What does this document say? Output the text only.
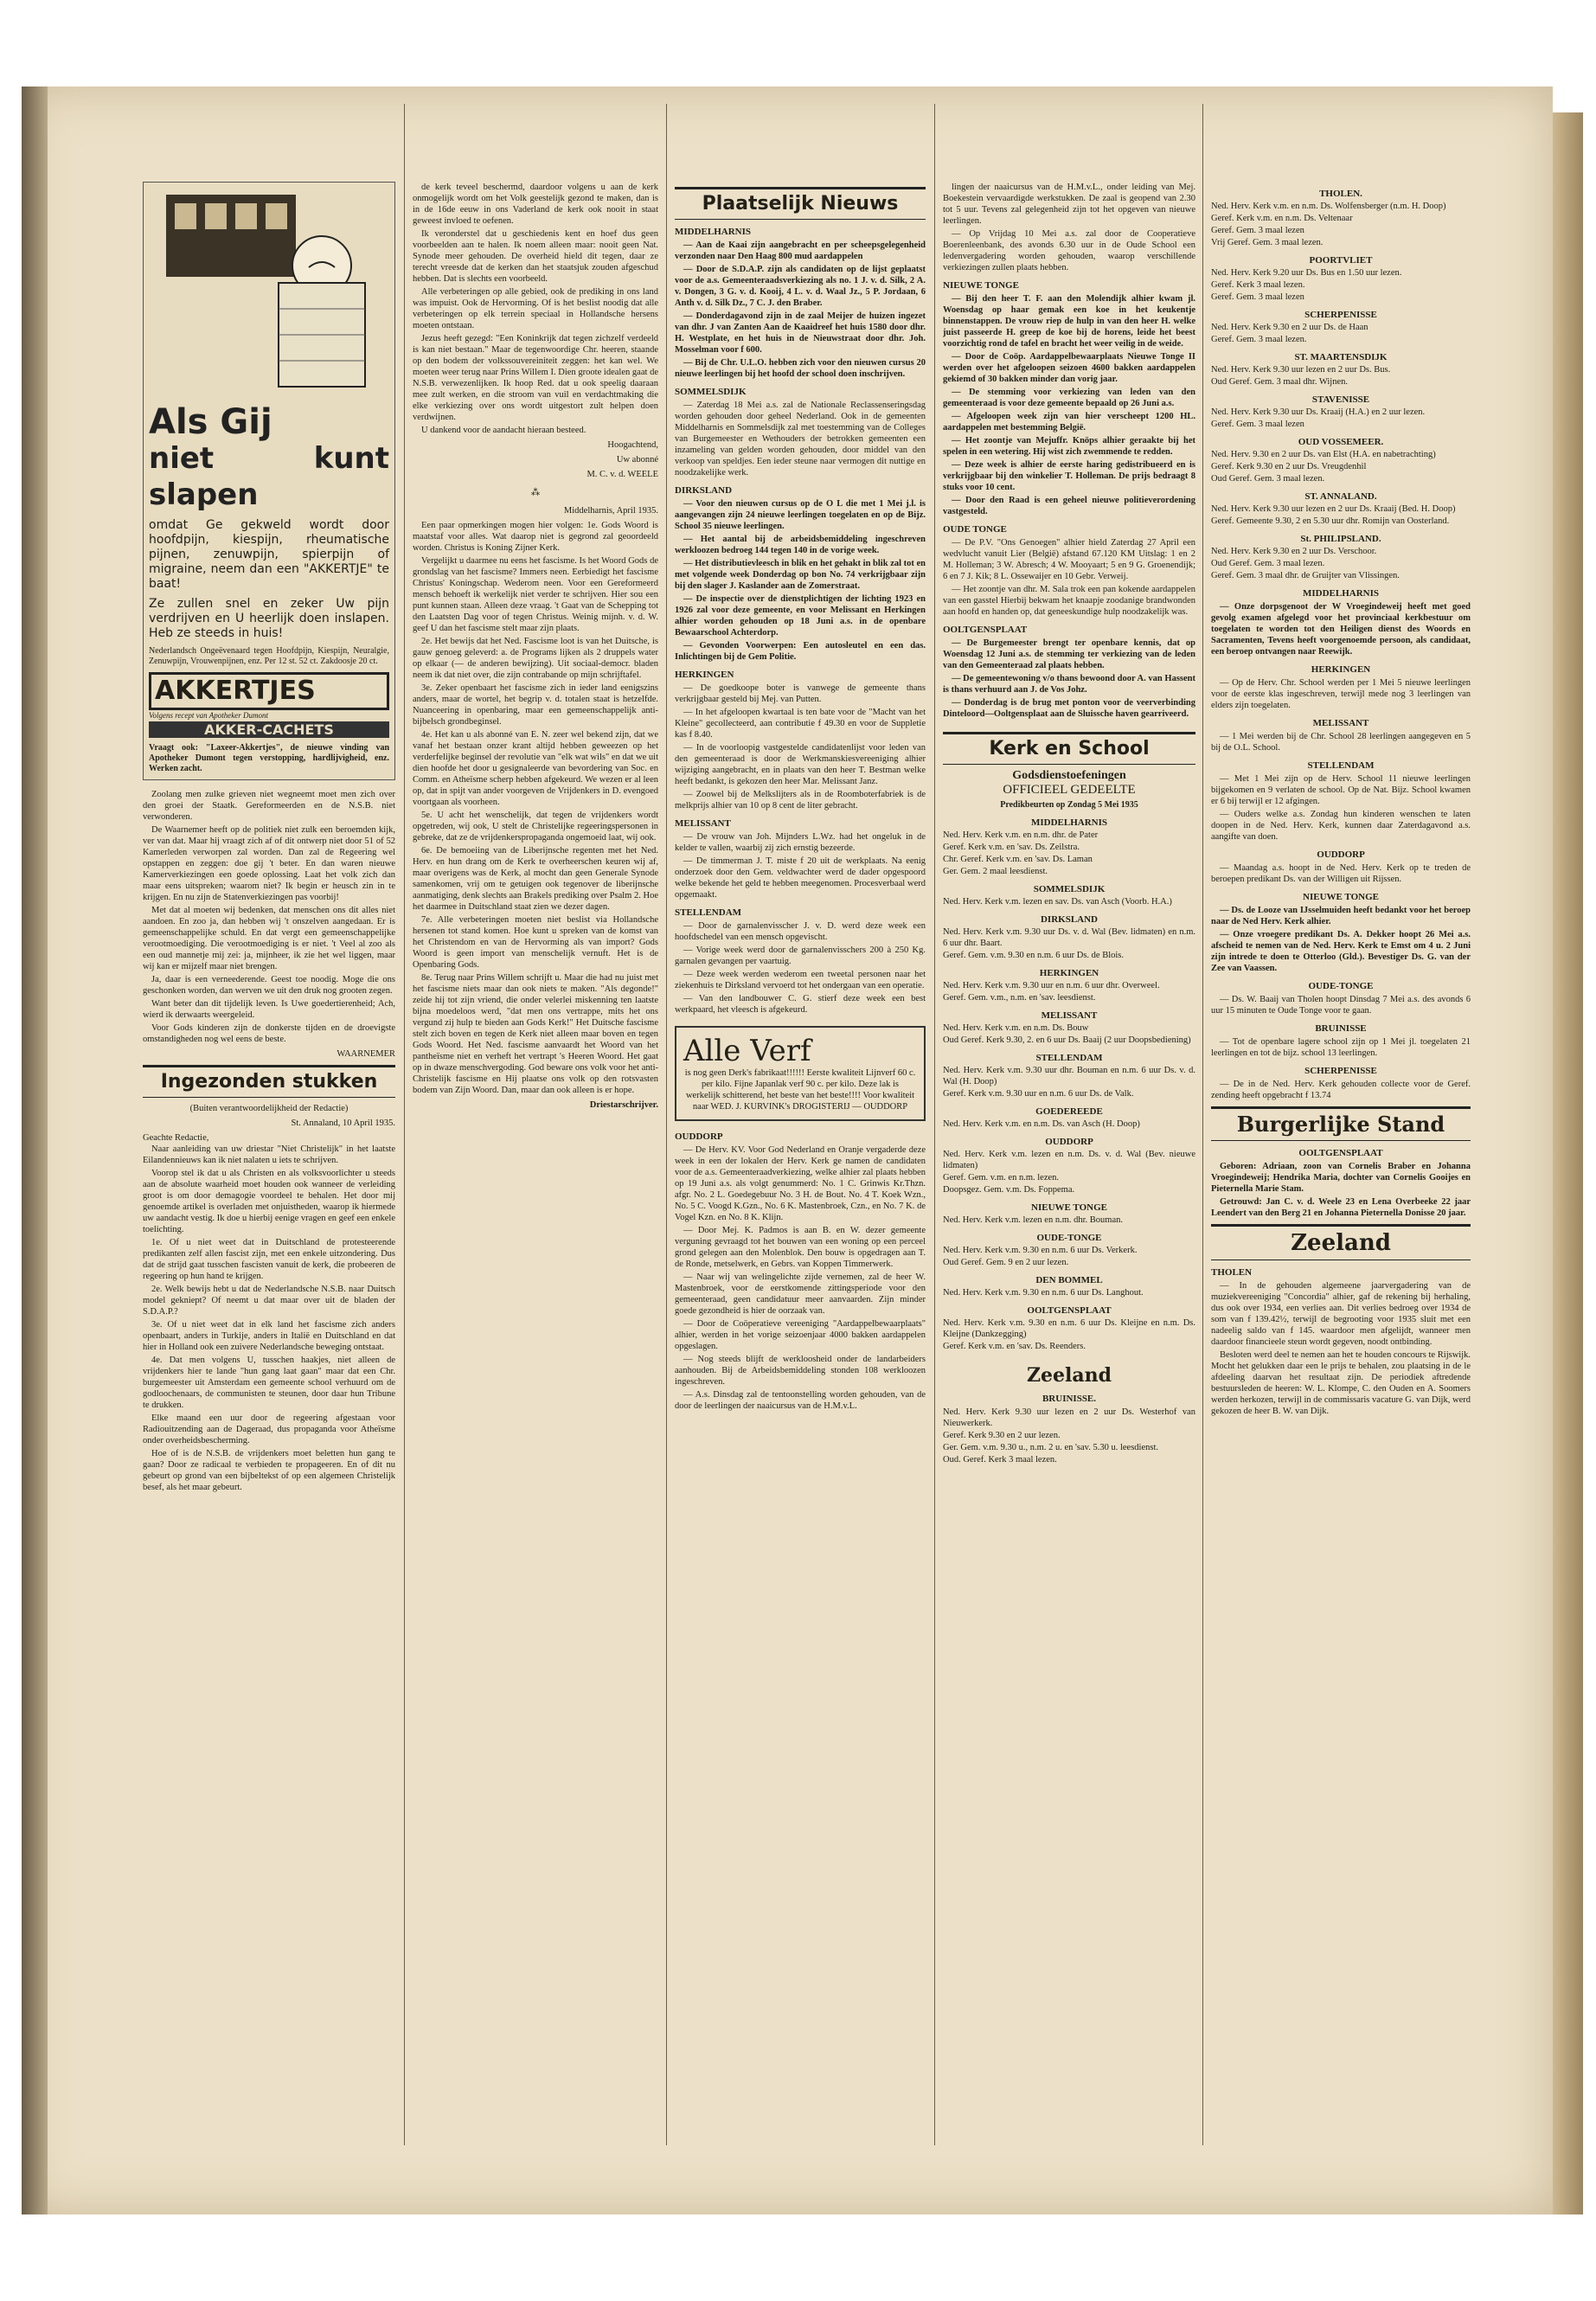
Als Gij
niet kunt slapen
omdat Ge gekweld wordt door hoofdpijn, kiespijn, rheumatische pijnen, zenuwpijn, spierpijn of migraine, neem dan een "AKKERTJE" te baat!
Ze zullen snel en zeker Uw pijn verdrijven en U heerlijk doen inslapen. Heb ze steeds in huis!
Nederlandsch Ongeëvenaard tegen Hoofdpijn, Kiespijn, Neuralgie, Zenuwpijn, Vrouwenpijnen, enz. Per 12 st. 52 ct. Zakdoosje 20 ct.
AKKERTJES
Volgens recept van Apotheker Dumont
AKKER-CACHETS
Vraagt ook: "Laxeer-Akkertjes", de nieuwe vinding van Apotheker Dumont tegen verstopping, hardlijvigheid, enz. Werken zacht.

Zoolang men zulke grieven niet wegneemt moet men zich over den groei der Staatk. Gereformeerden en de N.S.B. niet verwonderen.

De Waarnemer heeft op de politiek niet zulk een beroemden kijk, ver van dat. Maar hij vraagt zich af of dit ontwerp niet door 51 of 52 Kamerleden verworpen zal worden. Dan zal de Regeering wel opstappen en zeggen: doe gij 't beter. En dan waren nieuwe Kamerverkiezingen een goede oplossing. Laat het volk zich dan maar eens uitspreken; waarom niet? Ik begin er heusch zin in te krijgen. En nu zijn de Statenverkiezingen pas voorbij!

Met dat al moeten wij bedenken, dat menschen ons dit alles niet aandoen. En zoo ja, dan hebben wij 't onszelven aangedaan. Er is gemeenschappelijke schuld. En dat vergt een gemeenschappelijke verootmoediging. Die verootmoediging is er niet. 't Veel al zoo als een oud mannetje mij zei: ja, mijnheer, ik zie het wel liggen, maar wij kan er mijzelf maar niet brengen.

Ja, daar is een verneederende. Geest toe noodig. Moge die ons geschonken worden, dan werven we uit den druk nog grooten zegen.

Want beter dan dit tijdelijk leven. Is Uwe goedertierenheid; Ach, wierd ik derwaarts weergeleid.

Voor Gods kinderen zijn de donkerste tijden en de droevigste omstandigheden nog wel eens de beste.

WAARNEMER
Ingezonden stukken
(Buiten verantwoordelijkheid der Redactie)
St. Annaland, 10 April 1935.
Geachte Redactie,

Naar aanleiding van uw driestar "Niet Christelijk" in het laatste Eilandennieuws kan ik niet nalaten u iets te schrijven.

Voorop stel ik dat u als Christen en als volksvoorlichter u steeds aan de absolute waarheid moet houden ook wanneer de verleiding groot is om door demagogie voordeel te behalen. Het door mij genoemde artikel is overladen met onjuistheden, waarop ik hiermede uw aandacht vestig. Ik doe u hierbij eenige vragen en geef een enkele toelichting.

1e. Of u niet weet dat in Duitschland de protesteerende predikanten zelf allen fascist zijn, met een enkele uitzondering. Dus dat de strijd gaat tusschen fascisten vanuit de kerk, die probeeren de regeering op hun hand te krijgen.

2e. Welk bewijs hebt u dat de Nederlandsche N.S.B. naar Duitsch model gekniept? Of neemt u dat maar over uit de bladen der S.D.A.P.?

3e. Of u niet weet dat in elk land het fascisme zich anders openbaart, anders in Turkije, anders in Italië en Duitschland en dat hier in Holland ook een zuivere Nederlandsche beweging ontstaat.

4e. Dat men volgens U, tusschen haakjes, niet alleen de vrijdenkers hier te lande "hun gang laat gaan" maar dat een Chr. burgemeester uit Amsterdam een gemeente school verhuurd om de godloochenaars, de communisten te steunen, door daar hun Tribune te drukken.

Elke maand een uur door de regeering afgestaan voor Radiouitzending aan de Dageraad, dus propaganda voor Atheïsme onder overheidsbescherming.

Hoe of is de N.S.B. de vrijdenkers moet beletten hun gang te gaan? Door ze radicaal te verbieden te propageeren. En of dit nu gebeurt op grond van een bijbeltekst of op een algemeen Christelijk besef, als het maar gebeurt.

de kerk teveel beschermd, daardoor volgens u aan de kerk onmogelijk wordt om het Volk geestelijk gezond te maken, dan is in de 16de eeuw in ons Vaderland de kerk ook nooit in staat geweest invloed te oefenen.

Ik veronderstel dat u geschiedenis kent en hoef dus geen voorbeelden aan te halen. Ik noem alleen maar: nooit geen Nat. Synode meer gehouden. De overheid hield dit tegen, daar ze terecht vreesde dat de kerken dan het staatsjuk zouden afgeschud hebben. Dat is slechts een voorbeeld.

Alle verbeteringen op alle gebied, ook de prediking in ons land was impuist. Ook de Hervorming. Of is het beslist noodig dat alle verbeteringen op elk terrein speciaal in Hollandsche hersens moeten ontstaan.

Jezus heeft gezegd: "Een Koninkrijk dat tegen zichzelf verdeeld is kan niet bestaan." Maar de tegenwoordige Chr. heeren, staande op den bodem der volkssouvereiniteit zeggen: het kan wel. We moeten weer terug naar Prins Willem I. Dien groote idealen gaat de N.S.B. verwezenlijken. Ik hoop Red. dat u ook speelig daaraan mee zult werken, en die stroom van vuil en verdachtmaking die elke verkiezing over ons wordt uitgestort zult helpen doen verdwijnen.

U dankend voor de aandacht hieraan besteed.

Hoogachtend,
Uw abonné
M. C. v. d. WEELE
⁂
Middelharnis, April 1935.

Een paar opmerkingen mogen hier volgen: 1e. Gods Woord is maatstaf voor alles. Wat daarop niet is gegrond zal geoordeeld worden. Christus is Koning Zijner Kerk.

Vergelijkt u daarmee nu eens het fascisme. Is het Woord Gods de grondslag van het fascisme? Immers neen. Eerbiedigt het fascisme Christus' Koningschap. Wederom neen. Voor een Gereformeerd mensch behoeft ik werkelijk niet verder te schrijven. Hier sou een punt kunnen staan. Alleen deze vraag. 't Gaat van de Schepping tot den Laatsten Dag voor of tegen Christus. Weinig mijnh. v. d. W. geef U dan het fascisme stelt maar zijn plaats.

2e. Het bewijs dat het Ned. Fascisme loot is van het Duitsche, is gauw genoeg geleverd: a. de Programs lijken als 2 druppels water op elkaar (— de anderen bewijzing). Uit sociaal-democr. bladen neem ik dat niet over, die zijn contrabande op mijn schrijftafel.

3e. Zeker openbaart het fascisme zich in ieder land eenigszins anders, maar de wortel, het begrip v. d. totalen staat is hetzelfde. Nuanceering in openbaring, maar een gemeenschappelijk anti-bijbelsch grondbeginsel.

4e. Het kan u als abonné van E. N. zeer wel bekend zijn, dat we vanaf het bestaan onzer krant altijd hebben geweezen op het verderfelijke beginsel der revolutie van "elk wat wils" en dat we uit dien hoofde het door u gesignaleerde van bevordering van Soc. en Comm. en Atheïsme scherp hebben afgekeurd. We wezen er al leen op, dat in spijt van ander voorgeven de Vrijdenkers in D. evengoed voortgaan als voorheen.

5e. U acht het wenschelijk, dat tegen de vrijdenkers wordt opgetreden, wij ook, U stelt de Christelijke regeeringspersonen in gebreke, dat ze de vrijdenkerspropaganda ongemoeid laat, wij ook.

6e. De bemoeiing van de Liberijnsche regenten met het Ned. Herv. en hun drang om de Kerk te overheerschen keuren wij af, maar overigens was de Kerk, al mocht dan geen Generale Synode samenkomen, vrij om te getuigen ook tegenover de liberijnsche aanmatiging, denk slechts aan Brakels prediking over Psalm 2. Hoe het daarmee in Duitschland staat zien we dezer dagen.

7e. Alle verbeteringen moeten niet beslist via Hollandsche hersenen tot stand komen. Hoe kunt u spreken van de komst van het Christendom en van de Hervorming als van import? Gods Woord is geen import van menschelijk vernuft. Het is de Openbaring Gods.

8e. Terug naar Prins Willem schrijft u. Maar die had nu juist met het fascisme niets maar dan ook niets te maken. "Als degonde!" zeide hij tot zijn vriend, die onder velerlei miskenning ten laatste bijna moedeloos werd, "dat men ons vertrappe, mits het ons vergund zij hulp te bieden aan Gods Kerk!" Het Duitsche fascisme stelt zich boven en tegen de Kerk niet alleen maar boven en tegen Gods Woord. Het Ned. fascisme aanvaardt het Woord van het pantheïsme niet en verheft het vertrapt 's Heeren Woord. Het gaat op in dwaze menschvergoding. God beware ons volk voor het anti-Christelijk fascisme en Hij plaatse ons volk op den rotsvasten bodem van Zijn Woord. Dan, maar dan ook alleen is er hope.

Driestarschrijver.
Plaatselijk Nieuws
MIDDELHARNIS

— Aan de Kaai zijn aangebracht en per scheepsgelegenheid verzonden naar Den Haag 800 mud aardappelen

— Door de S.D.A.P. zijn als candidaten op de lijst geplaatst voor de a.s. Gemeenteraadsverkiezing als no. 1 J. v. d. Silk, 2 A. v. Dongen, 3 G. v. d. Kooij, 4 L. v. d. Waal Jz., 5 P. Jordaan, 6 Anth v. d. Silk Dz., 7 C. J. den Braber.

— Donderdagavond zijn in de zaal Meijer de huizen ingezet van dhr. J van Zanten Aan de Kaaidreef het huis 1580 door dhr. H. Westplate, en het huis in de Nieuwstraat door dhr. Joh. Mosselman voor f 600.

— Bij de Chr. U.L.O. hebben zich voor den nieuwen cursus 20 nieuwe leerlingen bij het hoofd der school doen inschrijven.

SOMMELSDIJK

— Zaterdag 18 Mei a.s. zal de Nationale Reclassenseringsdag worden gehouden door geheel Nederland. Ook in de gemeenten Middelharnis en Sommelsdijk zal met toestemming van de Colleges van Burgemeester en Wethouders der betrokken gemeenten een inzameling van gelden worden gehouden, door middel van den verkoop van speldjes. Een ieder steune naar vermogen dit nuttige en noodzakelijke werk.

DIRKSLAND

— Voor den nieuwen cursus op de O L die met 1 Mei j.l. is aangevangen zijn 24 nieuwe leerlingen toegelaten en op de Bijz. School 35 nieuwe leerlingen.

— Het aantal bij de arbeidsbemiddeling ingeschreven werkloozen bedroeg 144 tegen 140 in de vorige week.

— Het distributievleesch in blik en het gehakt in blik zal tot en met volgende week Donderdag op bon No. 74 verkrijgbaar zijn bij den slager J. Kaslander aan de Zomerstraat.

— De inspectie over de dienstplichtigen der lichting 1923 en 1926 zal voor deze gemeente, en voor Melissant en Herkingen alhier worden gehouden op 18 Juni a.s. in de openbare Bewaarschool Achterdorp.

— Gevonden Voorwerpen: Een autosleutel en een das. Inlichtingen bij de Gem Politie.

HERKINGEN

— De goedkoope boter is vanwege de gemeente thans verkrijgbaar gesteld bij Mej. van Putten.

— In het afgeloopen kwartaal is ten bate voor de "Macht van het Kleine" gecollecteerd, aan contributie f 49.30 en voor de Suppletie kas f 8.40.

— In de voorloopig vastgestelde candidatenlijst voor leden van den gemeenteraad is door de Werkmanskiesvereeniging alhier wijziging aangebracht, en in plaats van den heer T. Bestman welke heeft bedankt, is gekozen den heer Mar. Melissant Janz.

— Zoowel bij de Melkslijters als in de Roomboterfabriek is de melkprijs alhier van 10 op 8 cent de liter gebracht.

MELISSANT

— De vrouw van Joh. Mijnders L.Wz. had het ongeluk in de kelder te vallen, waarbij zij zich ernstig bezeerde.

— De timmerman J. T. miste f 20 uit de werkplaats. Na eenig onderzoek door den Gem. veldwachter werd de dader opgespoord welke bekende het geld te hebben meegenomen. Procesverbaal werd opgemaakt.

STELLENDAM

— Door de garnalenvisscher J. v. D. werd deze week een hoofdschedel van een mensch opgevischt.

— Vorige week werd door de garnalenvisschers 200 à 250 Kg. garnalen gevangen per vaartuig.

— Deze week werden wederom een tweetal personen naar het ziekenhuis te Dirksland vervoerd tot het ondergaan van een operatie.

— Van den landbouwer C. G. stierf deze week een best werkpaard, het vleesch is afgekeurd.

Alle Verf
is nog geen Derk's fabrikaat!!!!!! Eerste kwaliteit Lijnverf 60 c. per kilo. Fijne Japanlak verf 90 c. per kilo. Deze lak is werkelijk schitterend, het beste van het beste!!!! Voor kwaliteit naar WED. J. KURVINK's DROGISTERIJ — OUDDORP
OUDDORP

— De Herv. KV. Voor God Nederland en Oranje vergaderde deze week in een der lokalen der Herv. Kerk ge namen de candidaten voor de a.s. Gemeenteraadverkiezing, welke alhier zal plaats hebben op 19 Juni a.s. als volgt genummerd: No. 1 C. Grinwis Kr.Thzn. afgr. No. 2 L. Goedegebuur No. 3 H. de Bout. No. 4 T. Koek Wzn., No. 5 C. Voogd K.Gzn., No. 6 K. Mastenbroek, Czn., en No. 7 K. de Vogel Kzn. en No. 8 K. Klijn.

— Door Mej. K. Padmos is aan B. en W. dezer gemeente verguning gevraagd tot het bouwen van een woning op een perceel grond gelegen aan den Molenblok. Den bouw is opgedragen aan T. de Ronde, metselwerk, en Gebrs. van Koppen Timmerwerk.

— Naar wij van welingelichte zijde vernemen, zal de heer W. Mastenbroek, voor de eerstkomende zittingsperiode voor den gemeenteraad, geen candidatuur meer aanvaarden. Zijn minder goede gezondheid is hier de oorzaak van.

— Door de Coöperatieve vereeniging "Aardappelbewaarplaats" alhier, werden in het vorige seizoenjaar 4000 bakken aardappelen opgeslagen.

— Nog steeds blijft de werkloosheid onder de landarbeiders aanhouden. Bij de Arbeidsbemiddeling stonden 108 werkloozen ingeschreven.

— A.s. Dinsdag zal de tentoonstelling worden gehouden, van de door de leerlingen der naaicursus van de H.M.v.L.

lingen der naaicursus van de H.M.v.L., onder leiding van Mej. Boekestein vervaardigde werkstukken. De zaal is geopend van 2.30 tot 5 uur. Tevens zal gelegenheid zijn tot het opgeven van nieuwe leerlingen.

— Op Vrijdag 10 Mei a.s. zal door de Cooperatieve Boerenleenbank, des avonds 6.30 uur in de Oude School een ledenvergadering worden gehouden, waarop verschillende verkiezingen zullen plaats hebben.

NIEUWE TONGE

— Bij den heer T. F. aan den Molendijk alhier kwam jl. Woensdag op haar gemak een koe in het keukentje binnenstappen. De vrouw riep de hulp in van den heer H. welke juist passeerde H. greep de koe bij de horens, leide het beest voorzichtig rond de tafel en bracht het weer veilig in de weide.

— Door de Coöp. Aardappelbewaarplaats Nieuwe Tonge II werden over het afgeloopen seizoen 4600 bakken aardappelen gekiemd of 30 bakken minder dan vorig jaar.

— De stemming voor verkiezing van leden van den gemeenteraad is voor deze gemeente bepaald op 26 Juni a.s.

— Afgeloopen week zijn van hier verscheept 1200 HL. aardappelen met bestemming België.

— Het zoontje van Mejuffr. Knöps alhier geraakte bij het spelen in een wetering. Hij wist zich zwemmende te redden.

— Deze week is alhier de eerste haring gedistribueerd en is verkrijgbaar bij den winkelier T. Holleman. De prijs bedraagt 8 stuks voor 10 cent.

— Door den Raad is een geheel nieuwe politieverordening vastgesteld.

OUDE TONGE

— De P.V. "Ons Genoegen" alhier hield Zaterdag 27 April een wedvlucht vanuit Lier (België) afstand 67.120 KM Uitslag: 1 en 2 M. Holleman; 3 W. Abresch; 4 W. Mooyaart; 5 en 9 G. Groenendijk; 6 en 7 J. Kik; 8 L. Ossewaijer en 10 Gebr. Verweij.

— Het zoontje van dhr. M. Sala trok een pan kokende aardappelen van een gasstel Hierbij bekwam het knaapje zoodanige brandwonden aan hoofd en handen op, dat geneeskundige hulp noodzakelijk was.

OOLTGENSPLAAT

— De Burgemeester brengt ter openbare kennis, dat op Woensdag 12 Juni a.s. de stemming ter verkiezing van de leden van den Gemeenteraad zal plaats hebben.

— De gemeentewoning v/o thans bewoond door A. van Hassent is thans verhuurd aan J. de Vos Johz.

— Donderdag is de brug met ponton voor de veerverbinding Dinteloord—Ooltgensplaat aan de Sluissche haven gearriveerd.

Kerk en School
Godsdienstoefeningen
OFFICIEEL GEDEELTE
Predikbeurten op Zondag 5 Mei 1935
MIDDELHARNIS
Ned. Herv. Kerk v.m. en n.m. dhr. de Pater
Geref. Kerk v.m. en 'sav. Ds. Zeilstra.
Chr. Geref. Kerk v.m. en 'sav. Ds. Laman
Ger. Gem. 2 maal leesdienst.
SOMMELSDIJK
Ned. Herv. Kerk v.m. lezen en sav. Ds. van Asch (Voorb. H.A.)
DIRKSLAND
Ned. Herv. Kerk v.m. 9.30 uur Ds. v. d. Wal (Bev. lidmaten) en n.m. 6 uur dhr. Baart.
Geref. Gem. v.m. 9.30 en n.m. 6 uur Ds. de Blois.
HERKINGEN
Ned. Herv. Kerk v.m. 9.30 uur en n.m. 6 uur dhr. Overweel.
Geref. Gem. v.m., n.m. en 'sav. leesdienst.
MELISSANT
Ned. Herv. Kerk v.m. en n.m. Ds. Bouw
Oud Geref. Kerk 9.30, 2. en 6 uur Ds. Baaij (2 uur Doopsbediening)
STELLENDAM
Ned. Herv. Kerk v.m. 9.30 uur dhr. Bouman en n.m. 6 uur Ds. v. d. Wal (H. Doop)
Geref. Kerk v.m. 9.30 uur en n.m. 6 uur Ds. de Valk.
GOEDEREEDE
Ned. Herv. Kerk v.m. en n.m. Ds. van Asch (H. Doop)
OUDDORP
Ned. Herv. Kerk v.m. lezen en n.m. Ds. v. d. Wal (Bev. nieuwe lidmaten)
Geref. Gem. v.m. en n.m. lezen.
Doopsgez. Gem. v.m. Ds. Foppema.
NIEUWE TONGE
Ned. Herv. Kerk v.m. lezen en n.m. dhr. Bouman.
OUDE-TONGE
Ned. Herv. Kerk v.m. 9.30 en n.m. 6 uur Ds. Verkerk.
Oud Geref. Gem. 9 en 2 uur lezen.
DEN BOMMEL
Ned. Herv. Kerk v.m. 9.30 en n.m. 6 uur Ds. Langhout.
OOLTGENSPLAAT
Ned. Herv. Kerk v.m. 9.30 en n.m. 6 uur Ds. Kleijne en n.m. Ds. Kleijne (Dankzegging)
Geref. Kerk v.m. en 'sav. Ds. Reenders.
Zeeland
BRUINISSE.
Ned. Herv. Kerk 9.30 uur lezen en 2 uur Ds. Westerhof van Nieuwerkerk.
Geref. Kerk 9.30 en 2 uur lezen.
Ger. Gem. v.m. 9.30 u., n.m. 2 u. en 'sav. 5.30 u. leesdienst.
Oud. Geref. Kerk 3 maal lezen.
THOLEN.
Ned. Herv. Kerk v.m. en n.m. Ds. Wolfensberger (n.m. H. Doop)
Geref. Kerk v.m. en n.m. Ds. Veltenaar
Geref. Gem. 3 maal lezen
Vrij Geref. Gem. 3 maal lezen.
POORTVLIET
Ned. Herv. Kerk 9.20 uur Ds. Bus en 1.50 uur lezen.
Geref. Kerk 3 maal lezen.
Geref. Gem. 3 maal lezen
SCHERPENISSE
Ned. Herv. Kerk 9.30 en 2 uur Ds. de Haan
Geref. Gem. 3 maal lezen.
ST. MAARTENSDIJK
Ned. Herv. Kerk 9.30 uur lezen en 2 uur Ds. Bus.
Oud Geref. Gem. 3 maal dhr. Wijnen.
STAVENISSE
Ned. Herv. Kerk 9.30 uur Ds. Kraaij (H.A.) en 2 uur lezen.
Geref. Gem. 3 maal lezen
OUD VOSSEMEER.
Ned. Herv. 9.30 en 2 uur Ds. van Elst (H.A. en nabetrachting)
Geref. Kerk 9.30 en 2 uur Ds. Vreugdenhil
Oud Geref. Gem. 3 maal lezen.
ST. ANNALAND.
Ned. Herv. Kerk 9.30 uur lezen en 2 uur Ds. Kraaij (Bed. H. Doop)
Geref. Gemeente 9.30, 2 en 5.30 uur dhr. Romijn van Oosterland.
St. PHILIPSLAND.
Ned. Herv. Kerk 9.30 en 2 uur Ds. Verschoor.
Oud Geref. Gem. 3 maal lezen.
Geref. Gem. 3 maal dhr. de Gruijter van Vlissingen.
MIDDELHARNIS

— Onze dorpsgenoot der W Vroegindeweij heeft met goed gevolg examen afgelegd voor het provinciaal kerkbestuur om toegelaten te worden tot den Heiligen dienst des Woords en Sacramenten, Tevens heeft voorgenoemde persoon, als candidaat, een beroep ontvangen naar Reewijk.

HERKINGEN

— Op de Herv. Chr. School werden per 1 Mei 5 nieuwe leerlingen voor de eerste klas ingeschreven, terwijl mede nog 3 leerlingen van elders zijn toegelaten.

MELISSANT

— 1 Mei werden bij de Chr. School 28 leerlingen aangegeven en 5 bij de O.L. School.

STELLENDAM

— Met 1 Mei zijn op de Herv. School 11 nieuwe leerlingen bijgekomen en 9 verlaten de school. Op de Nat. Bijz. School kwamen er 6 bij terwijl er 12 afgingen.

— Ouders welke a.s. Zondag hun kinderen wenschen te laten doopen in de Ned. Herv. Kerk, kunnen daar Zaterdagavond a.s. aangifte van doen.

OUDDORP

— Maandag a.s. hoopt in de Ned. Herv. Kerk op te treden de beroepen predikant Ds. van der Willigen uit Rijssen.

NIEUWE TONGE

— Ds. de Looze van IJsselmuiden heeft bedankt voor het beroep naar de Ned Herv. Kerk alhier.

— Onze vroegere predikant Ds. A. Dekker hoopt 26 Mei a.s. afscheid te nemen van de Ned. Herv. Kerk te Emst om 4 u. 2 Juni zijn intrede te doen te Otterloo (Gld.). Bevestiger Ds. G. van der Zee van Vaassen.

OUDE-TONGE

— Ds. W. Baaij van Tholen hoopt Dinsdag 7 Mei a.s. des avonds 6 uur 15 minuten te Oude Tonge voor te gaan.

BRUINISSE

— Tot de openbare lagere school zijn op 1 Mei jl. toegelaten 21 leerlingen en tot de bijz. school 13 leerlingen.

SCHERPENISSE

— De in de Ned. Herv. Kerk gehouden collecte voor de Geref. zending heeft opgebracht f 13.74

Burgerlijke Stand
OOLTGENSPLAAT

Geboren: Adriaan, zoon van Cornelis Braber en Johanna Vroegindeweij; Hendrika Maria, dochter van Cornelis Gooijes en Pieternella Marie Stam.

Getrouwd: Jan C. v. d. Weele 23 en Lena Overbeeke 22 jaar Leendert van den Berg 21 en Johanna Pieternella Donisse 20 jaar.

Zeeland
THOLEN

— In de gehouden algemeene jaarvergadering van de muziekvereeniging "Concordia" alhier, gaf de rekening bij herhaling, dus ook over 1934, een verlies aan. Dit verlies bedroeg over 1934 de som van f 139.42½, terwijl de begrooting voor 1935 sluit met een nadeelig saldo van f 145. waardoor men afgelijdt, wanneer men daardoor financieele steun wordt gegeven, noodt ontbinding.

Besloten werd deel te nemen aan het te houden concours te Rijswijk. Mocht het gelukken daar een le prijs te behalen, zou plaatsing in de le afdeeling daarvan het resultaat zijn. De periodiek aftredende bestuursleden de heeren: W. L. Klompe, C. den Ouden en A. Soomers werden herkozen, terwijl in de commissaris vacature G. van Dijk, werd gekozen de heer B. W. van Dijk.
